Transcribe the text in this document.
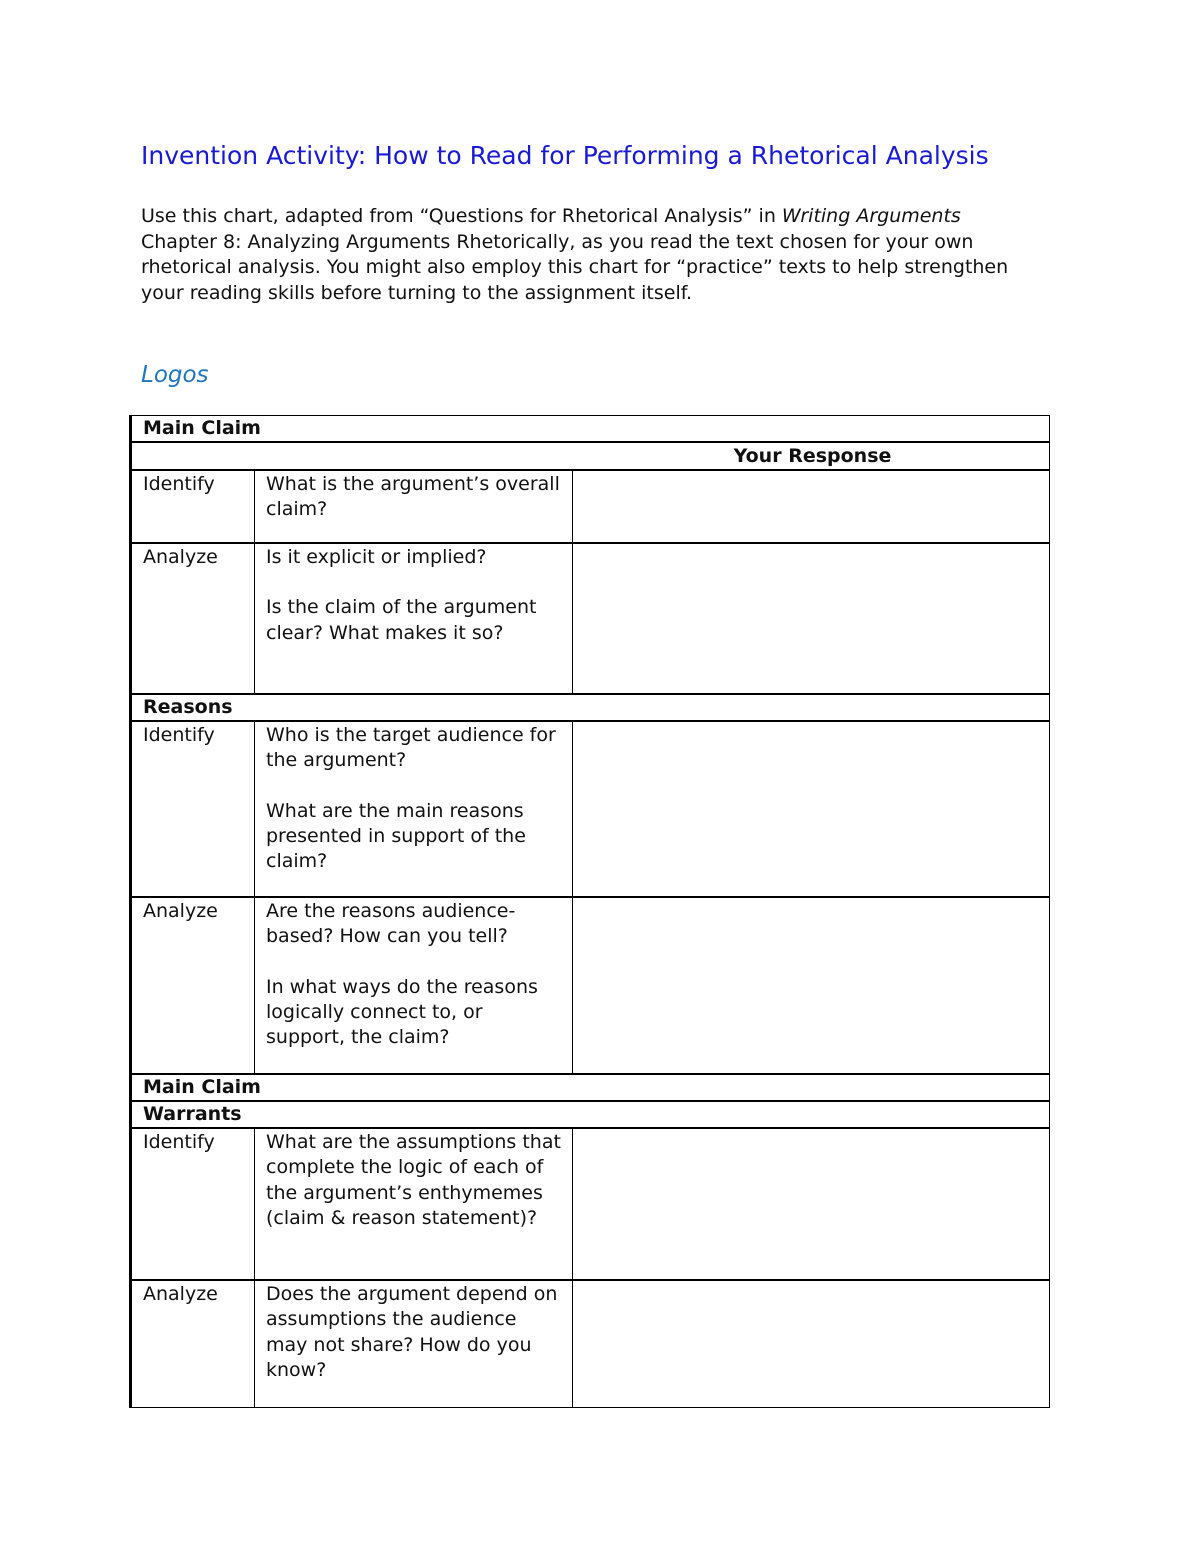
Invention Activity: How to Read for Performing a Rhetorical Analysis

Use this chart, adapted from “Questions for Rhetorical Analysis” in Writing Arguments Chapter 8: Analyzing Arguments Rhetorically, as you read the text chosen for your own rhetorical analysis. You might also employ this chart for “practice” texts to help strengthen your reading skills before turning to the assignment itself.

Logos
Main Claim		
Your Response		
Identify	What is the argument’s overall claim?	

Analyze	Is it explicit or implied?

Is the claim of the argument clear? What makes it so?	

Reasons		
Identify	Who is the target audience for the argument?

What are the main reasons presented in support of the claim?	

Analyze	Are the reasons audience-based? How can you tell?

In what ways do the reasons logically connect to, or support, the claim?	

Main Claim		
Warrants		
Identify	What are the assumptions that complete the logic of each of the argument’s enthymemes (claim & reason statement)?	

Analyze	Does the argument depend on assumptions the audience may not share? How do you know?	
